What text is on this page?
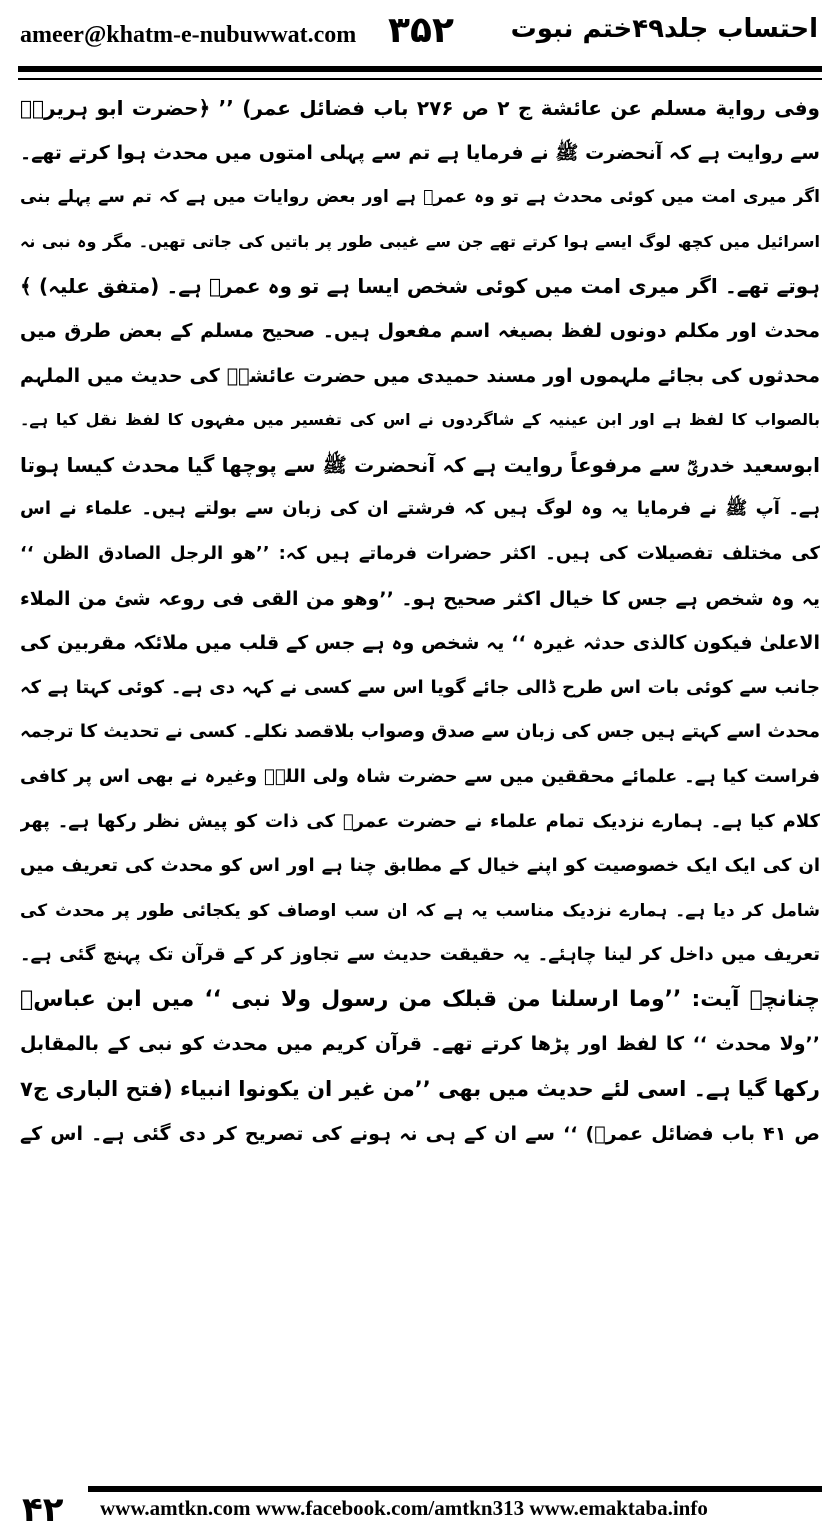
ameer@khatm-e-nubuwwat.com ۳۵۲ احتساب جلد۴۹ختم نبوت
وفی روایة مسلم عن عائشة ج ۲ ص ۲۷۶ باب فضائل عمر) ’’ ﴿حضرت ابو ہریرہؓ
سے روایت ہے کہ آنحضرت ﷺ نے فرمایا ہے تم سے پہلی امتوں میں محدث ہوا کرتے تھے۔
اگر میری امت میں کوئی محدث ہے تو وہ عمرؓ ہے اور بعض روایات میں ہے کہ تم سے پہلے بنی
اسرائیل میں کچھ لوگ ایسے ہوا کرتے تھے جن سے غیبی طور پر باتیں کی جاتی تھیں۔ مگر وہ نبی نہ
ہوتے تھے۔ اگر میری امت میں کوئی شخص ایسا ہے تو وہ عمرؓ ہے۔ (متفق علیہ) ﴾
محدث اور مکلم دونوں لفظ بصیغہ اسم مفعول ہیں۔ صحیح مسلم کے بعض طرق میں
محدثوں کی بجائے ملہموں اور مسند حمیدی میں حضرت عائشہؓ کی حدیث میں الملہم
بالصواب کا لفظ ہے اور ابن عینیہ کے شاگردوں نے اس کی تفسیر میں مفہوں کا لفظ نقل کیا ہے۔
ابوسعید خدریؓ سے مرفوعاً روایت ہے کہ آنحضرت ﷺ سے پوچھا گیا محدث کیسا ہوتا
ہے۔ آپ ﷺ نے فرمایا یہ وہ لوگ ہیں کہ فرشتے ان کی زبان سے بولتے ہیں۔ علماء نے اس
کی مختلف تفصیلات کی ہیں۔ اکثر حضرات فرماتے ہیں کہ: ’’ھو الرجل الصادق الظن ‘‘
یہ وہ شخص ہے جس کا خیال اکثر صحیح ہو۔ ’’وھو من القی فی روعہ شئ من الملاء
الاعلیٰ فیکون کالذی حدثہ غیرہ ‘‘ یہ شخص وہ ہے جس کے قلب میں ملائکہ مقربین کی
جانب سے کوئی بات اس طرح ڈالی جائے گویا اس سے کسی نے کہہ دی ہے۔ کوئی کہتا ہے کہ
محدث اسے کہتے ہیں جس کی زبان سے صدق وصواب بلاقصد نکلے۔ کسی نے تحدیث کا ترجمہ
فراست کیا ہے۔ علمائے محققین میں سے حضرت شاہ ولی اللہؒ وغیرہ نے بھی اس پر کافی
کلام کیا ہے۔ ہمارے نزدیک تمام علماء نے حضرت عمرؓ کی ذات کو پیش نظر رکھا ہے۔ پھر
ان کی ایک ایک خصوصیت کو اپنے خیال کے مطابق چنا ہے اور اس کو محدث کی تعریف میں
شامل کر دیا ہے۔ ہمارے نزدیک مناسب یہ ہے کہ ان سب اوصاف کو یکجائی طور پر محدث کی
تعریف میں داخل کر لینا چاہئے۔ یہ حقیقت حدیث سے تجاوز کر کے قرآن تک پہنچ گئی ہے۔
چنانچہ آیت: ’’وما ارسلنا من قبلک من رسول ولا نبی ‘‘ میں ابن عباسؓ
’’ولا محدث ‘‘ کا لفظ اور پڑھا کرتے تھے۔ قرآن کریم میں محدث کو نبی کے بالمقابل
رکھا گیا ہے۔ اسی لئے حدیث میں بھی ’’من غیر ان یکونوا انبیاء (فتح الباری ج۷
ص ۴۱ باب فضائل عمرؓ) ‘‘ سے ان کے ہی نہ ہونے کی تصریح کر دی گئی ہے۔ اس کے
۴۲ www.amtkn.com www.facebook.com/amtkn313 www.emaktaba.info
